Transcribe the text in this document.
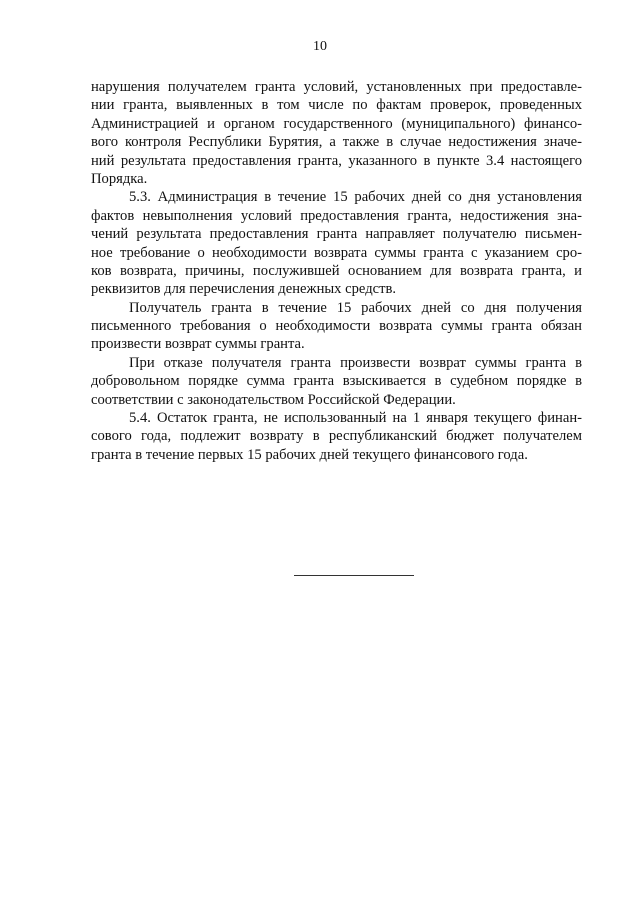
10
нарушения получателем гранта условий, установленных при предоставле-
нии гранта, выявленных в том числе по фактам проверок, проведенных
Администрацией и органом государственного (муниципального) финансо-
вого контроля Республики Бурятия, а также в случае недостижения значе-
ний результата предоставления гранта, указанного в пункте 3.4 настоящего
Порядка.
5.3. Администрация в течение 15 рабочих дней со дня установления
фактов невыполнения условий предоставления гранта, недостижения зна-
чений результата предоставления гранта направляет получателю письмен-
ное требование о необходимости возврата суммы гранта с указанием сро-
ков возврата, причины, послужившей основанием для возврата гранта, и
реквизитов для перечисления денежных средств.
Получатель гранта в течение 15 рабочих дней со дня получения
письменного требования о необходимости возврата суммы гранта обязан
произвести возврат суммы гранта.
При отказе получателя гранта произвести возврат суммы гранта в
добровольном порядке сумма гранта взыскивается в судебном порядке в
соответствии с законодательством Российской Федерации.
5.4. Остаток гранта, не использованный на 1 января текущего финан-
сового года, подлежит возврату в республиканский бюджет получателем
гранта в течение первых 15 рабочих дней текущего финансового года.
